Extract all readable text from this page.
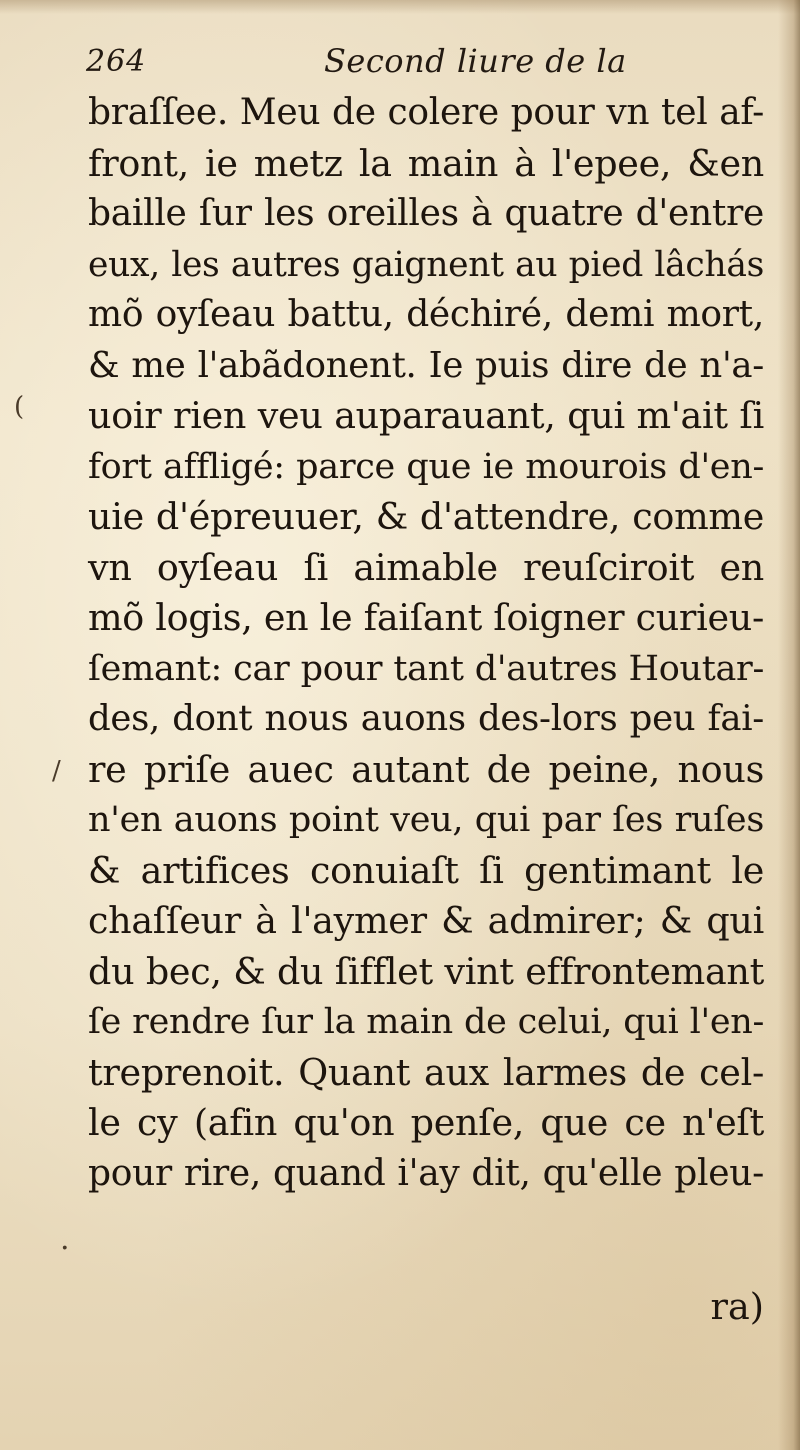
264	Second liure de la
braſſee. Meu de colere pour vn tel af-
front, ie metz la main à l'epee, &en
baille ſur les oreilles à quatre d'entre
eux, les autres gaignent au pied lâchás
mõ oyſeau battu, déchiré, demi mort,
& me l'abãdonent. Ie puis dire de n'a-
uoir rien veu auparauant, qui m'ait ſi
fort affligé: parce que ie mourois d'en-
uie d'épreuuer, & d'attendre, comme
vn oyſeau ſi aimable reuſciroit en
mõ logis, en le faiſant ſoigner curieu-
ſemant: car pour tant d'autres Houtar-
des, dont nous auons des-lors peu fai-
re priſe auec autant de peine, nous
n'en auons point veu, qui par ſes ruſes
& artifices conuiaſt ſi gentimant le
chaſſeur à l'aymer & admirer; & qui
du bec, & du ſifflet vint effrontemant
ſe rendre ſur la main de celui, qui l'en-
treprenoit. Quant aux larmes de cel-
le cy (afin qu'on penſe, que ce n'eſt
pour rire, quand i'ay dit, qu'elle pleu-
ra)
(
/
.
